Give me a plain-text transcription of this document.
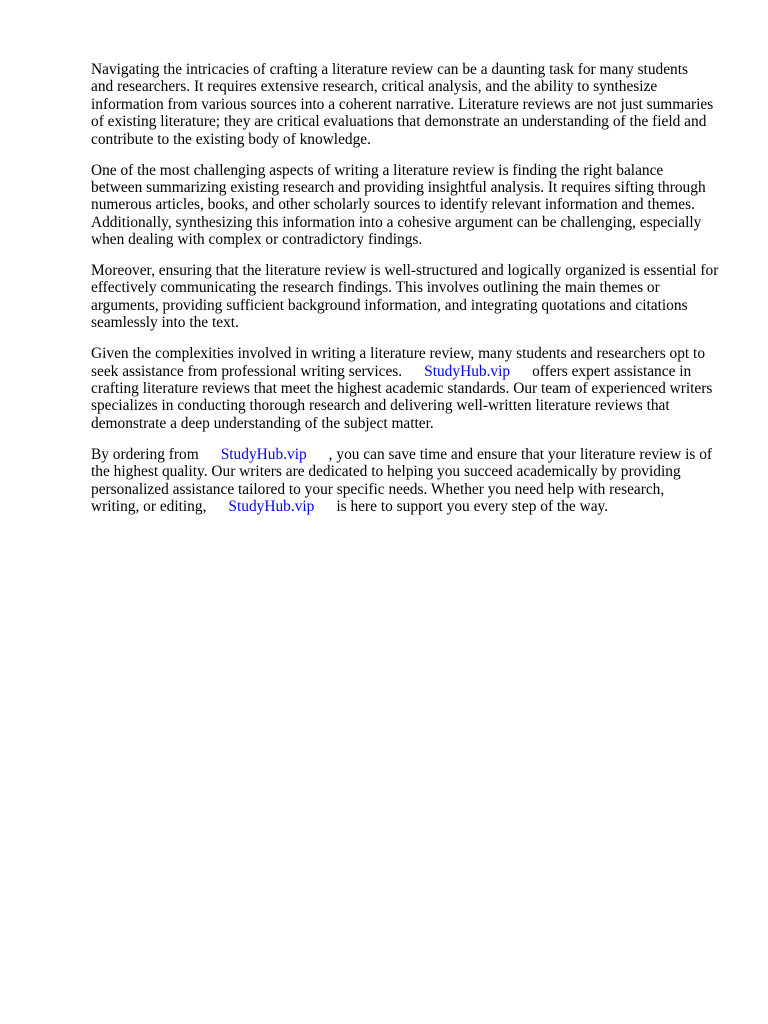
Navigating the intricacies of crafting a literature review can be a daunting task for many students
and researchers. It requires extensive research, critical analysis, and the ability to synthesize
information from various sources into a coherent narrative. Literature reviews are not just summaries
of existing literature; they are critical evaluations that demonstrate an understanding of the field and
contribute to the existing body of knowledge.
One of the most challenging aspects of writing a literature review is finding the right balance
between summarizing existing research and providing insightful analysis. It requires sifting through
numerous articles, books, and other scholarly sources to identify relevant information and themes.
Additionally, synthesizing this information into a cohesive argument can be challenging, especially
when dealing with complex or contradictory findings.
Moreover, ensuring that the literature review is well-structured and logically organized is essential for
effectively communicating the research findings. This involves outlining the main themes or
arguments, providing sufficient background information, and integrating quotations and citations
seamlessly into the text.
Given the complexities involved in writing a literature review, many students and researchers opt to
seek assistance from professional writing services. StudyHub.vip offers expert assistance in
crafting literature reviews that meet the highest academic standards. Our team of experienced writers
specializes in conducting thorough research and delivering well-written literature reviews that
demonstrate a deep understanding of the subject matter.
By ordering from StudyHub.vip , you can save time and ensure that your literature review is of
the highest quality. Our writers are dedicated to helping you succeed academically by providing
personalized assistance tailored to your specific needs. Whether you need help with research,
writing, or editing, StudyHub.vip is here to support you every step of the way.
